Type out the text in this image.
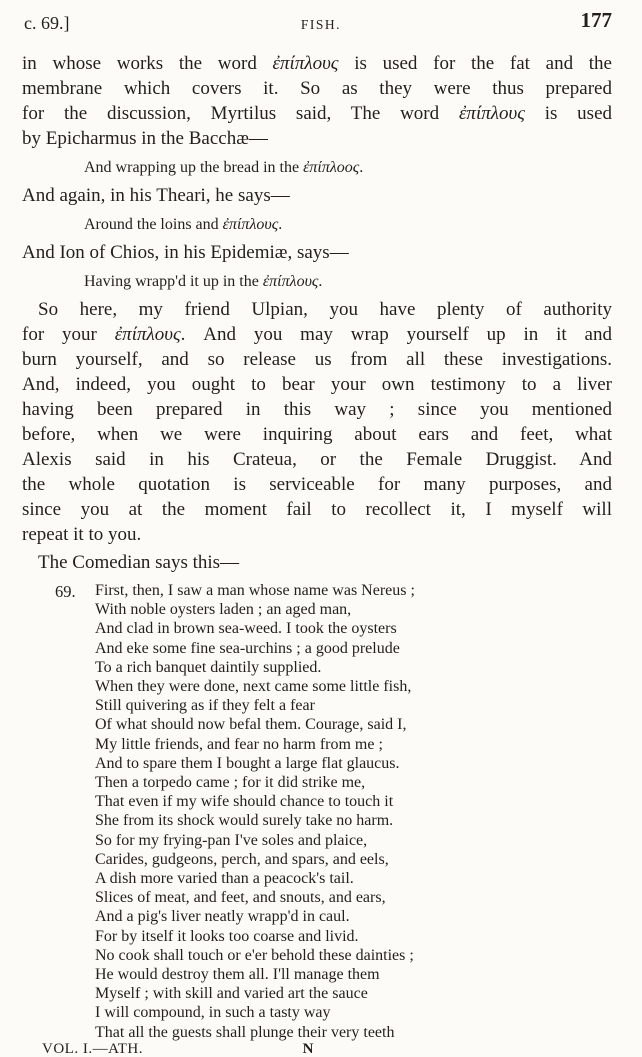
c. 69.]	FISH.	177
in whose works the word ἐπίπλους is used for the fat and the
membrane which covers it. So as they were thus prepared
for the discussion, Myrtilus said, The word ἐπίπλους is used
by Epicharmus in the Bacchæ—
And wrapping up the bread in the ἐπίπλοος.
And again, in his Theari, he says—
Around the loins and ἐπίπλους.
And Ion of Chios, in his Epidemiæ, says—
Having wrapp'd it up in the ἐπίπλους.
So here, my friend Ulpian, you have plenty of authority
for your ἐπίπλους. And you may wrap yourself up in it and
burn yourself, and so release us from all these investigations.
And, indeed, you ought to bear your own testimony to a liver
having been prepared in this way ; since you mentioned
before, when we were inquiring about ears and feet, what
Alexis said in his Crateua, or the Female Druggist. And
the whole quotation is serviceable for many purposes, and
since you at the moment fail to recollect it, I myself will
repeat it to you.
The Comedian says this—
69. First, then, I saw a man whose name was Nereus ;
With noble oysters laden ; an aged man,
And clad in brown sea-weed. I took the oysters
And eke some fine sea-urchins ; a good prelude
To a rich banquet daintily supplied.
When they were done, next came some little fish,
Still quivering as if they felt a fear
Of what should now befal them. Courage, said I,
My little friends, and fear no harm from me ;
And to spare them I bought a large flat glaucus.
Then a torpedo came ; for it did strike me,
That even if my wife should chance to touch it
She from its shock would surely take no harm.
So for my frying-pan I've soles and plaice,
Carides, gudgeons, perch, and spars, and eels,
A dish more varied than a peacock's tail.
Slices of meat, and feet, and snouts, and ears,
And a pig's liver neatly wrapp'd in caul.
For by itself it looks too coarse and livid.
No cook shall touch or e'er behold these dainties ;
He would destroy them all. I'll manage them
Myself ; with skill and varied art the sauce
I will compound, in such a tasty way
That all the guests shall plunge their very teeth
VOL. I.—ATH.	N
